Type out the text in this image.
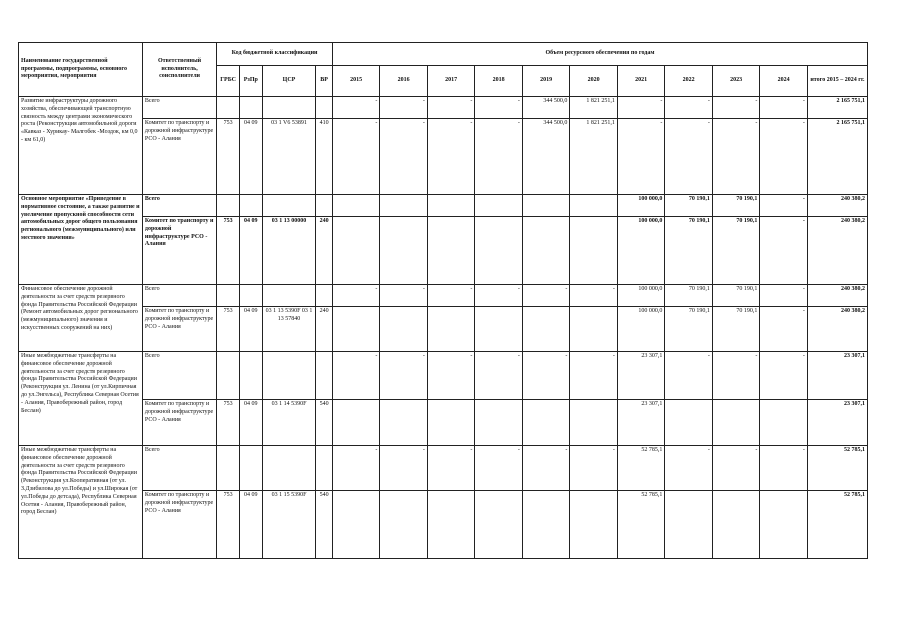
Наименование государственной программы, подпрограммы, основного мероприятия, мероприятия	Ответственный исполнитель, соисполнители	Код бюджетной классификации				Объем ресурсного обеспечения по годам										
		ГРБС	РзПр	ЦСР	ВР	2015	2016	2017	2018	2019	2020	2021	2022	2023	2024	итого 2015 – 2024 гг.
Развитие инфраструктуры дорожного хозяйства, обеспечивающей транспортную связность между центрами экономического роста (Реконструкция автомобильной дороги «Кавказ - Хурикау- Малгобек -Моздок, км 0,0 - км 61,0)	Всего					-	-	-	-	344 500,0	1 821 251,1	-	-	-	-	2 165 751,1
	Комитет по транспорту и дорожной инфраструктуре РСО - Алания	753	04 09	03 1 V6 53891	410	-	-	-	-	344 500,0	1 821 251,1	-	-	-	-	2 165 751,1
Основное мероприятие «Приведение в нормативное состояние, а также развитие и увеличение пропускной способности сети автомобильных дорог общего пользования регионального (межмуниципального) или местного значения»	Всего											100 000,0	70 190,1	70 190,1	-	240 380,2
	Комитет по транспорту и дорожной инфраструктуре РСО - Алания	753	04 09	03 1 13 00000	240							100 000,0	70 190,1	70 190,1	-	240 380,2
Финансовое обеспечение дорожной деятельности за счет средств резервного фонда Правительства Российской Федерации (Ремонт автомобильных дорог регионального (межмуниципального) значения и искусственных сооружений на них)	Всего					-	-	-	-	-	-	100 000,0	70 190,1	70 190,1	-	240 380,2
	Комитет по транспорту и дорожной инфраструктуре РСО - Алания	753	04 09	03 1 13 5390F 03 1 13 57840	240							100 000,0	70 190,1	70 190,1	-	240 380,2
Иные межбюджетные трансферты на финансовое обеспечение дорожной деятельности за счет средств резервного фонда Правительства Российской Федерации (Реконструкция ул. Ленина (от ул.Кирпичная до ул.Энгельса), Республика Северная Осетия - Алания, Правобережный район, город Беслан)	Всего					-	-	-	-	-	-	23 307,1	-	-	-	23 307,1
	Комитет по транспорту и дорожной инфраструктуре РСО - Алания	753	04 09	03 1 14 5390F	540							23 307,1				23 307,1
Иные межбюджетные трансферты на финансовое обеспечение дорожной деятельности за счет средств резервного фонда Правительства Российской Федерации (Реконструкция ул.Кооперативная (от ул. З.Дзибилова до ул.Победы) и ул.Широкая (от ул.Победы до детсада), Республика Северная Осетия - Алания, Правобережный район, город Беслан)	Всего					-	-	-	-	-	-	52 785,1	-	-	-	52 785,1
	Комитет по транспорту и дорожной инфраструктуре РСО - Алания	753	04 09	03 1 15 5390F	540							52 785,1				52 785,1
